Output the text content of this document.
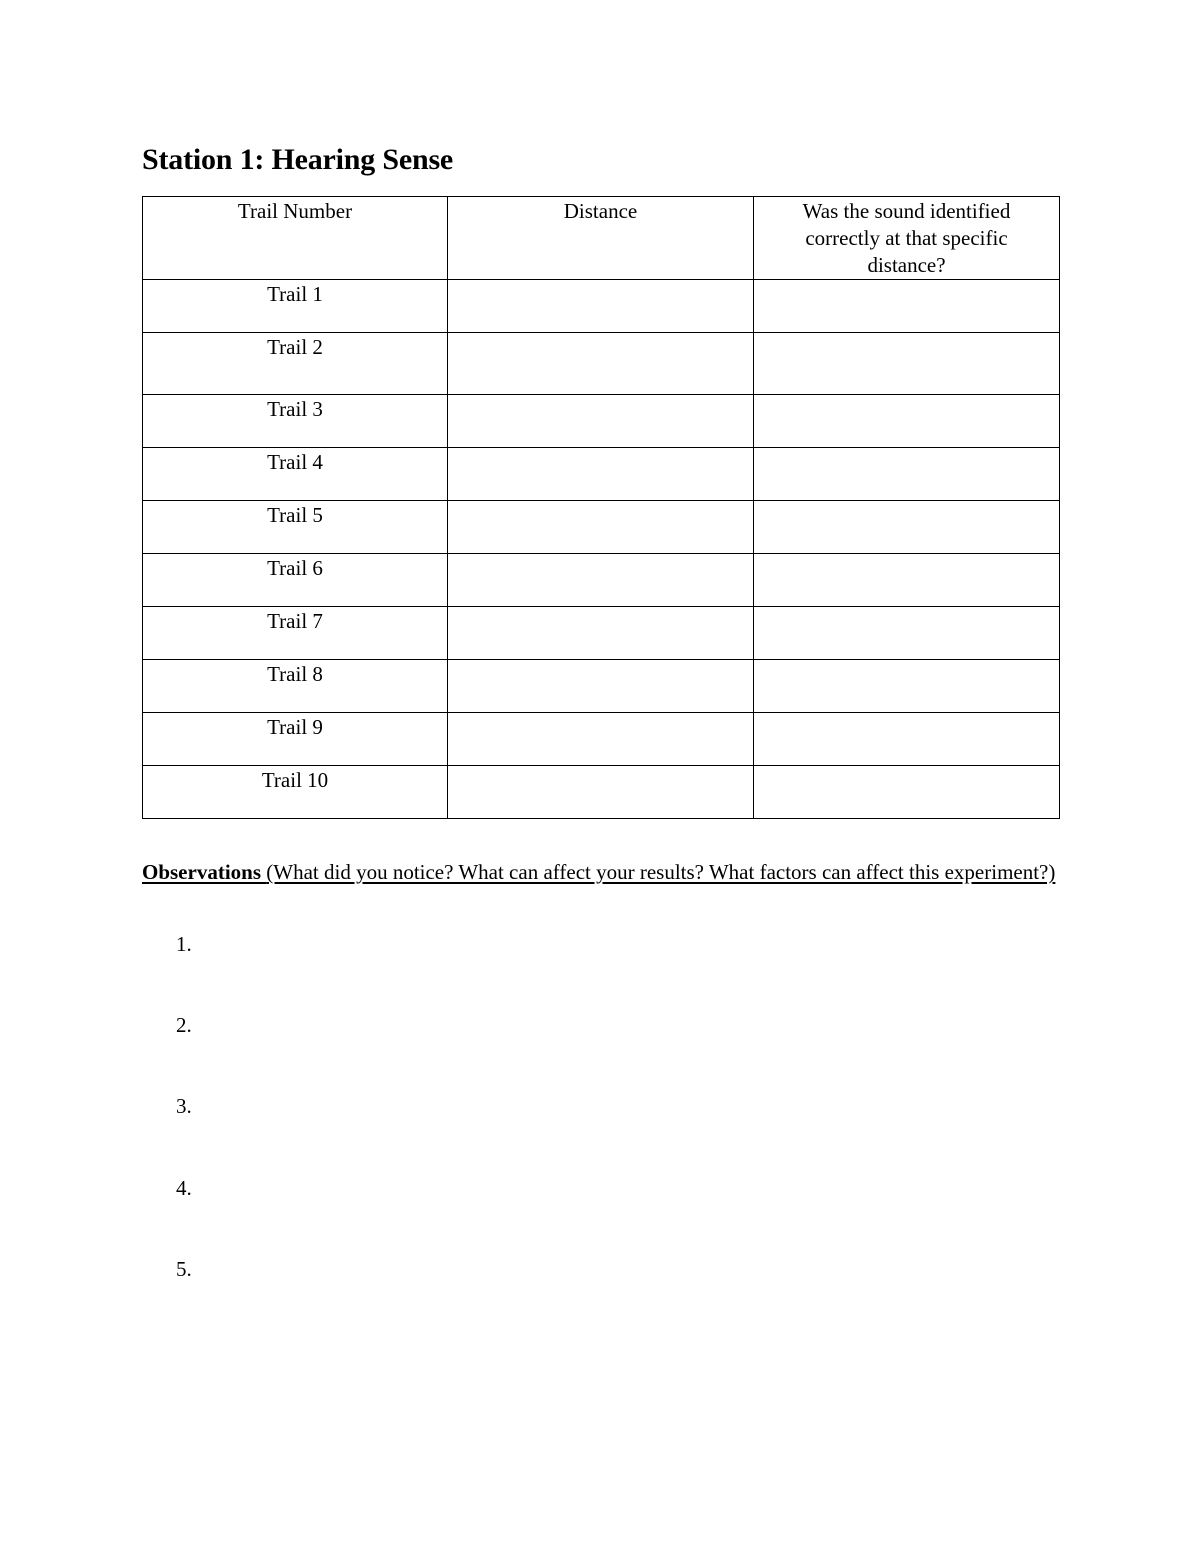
Station 1: Hearing Sense
Trail Number	Distance	Was the sound identified correctly at that specific distance?
Trail 1		
Trail 2		
Trail 3		
Trail 4		
Trail 5		
Trail 6		
Trail 7		
Trail 8		
Trail 9		
Trail 10		

Observations (What did you notice? What can affect your results? What factors can affect this experiment?)

1.
2.
3.
4.
5.
